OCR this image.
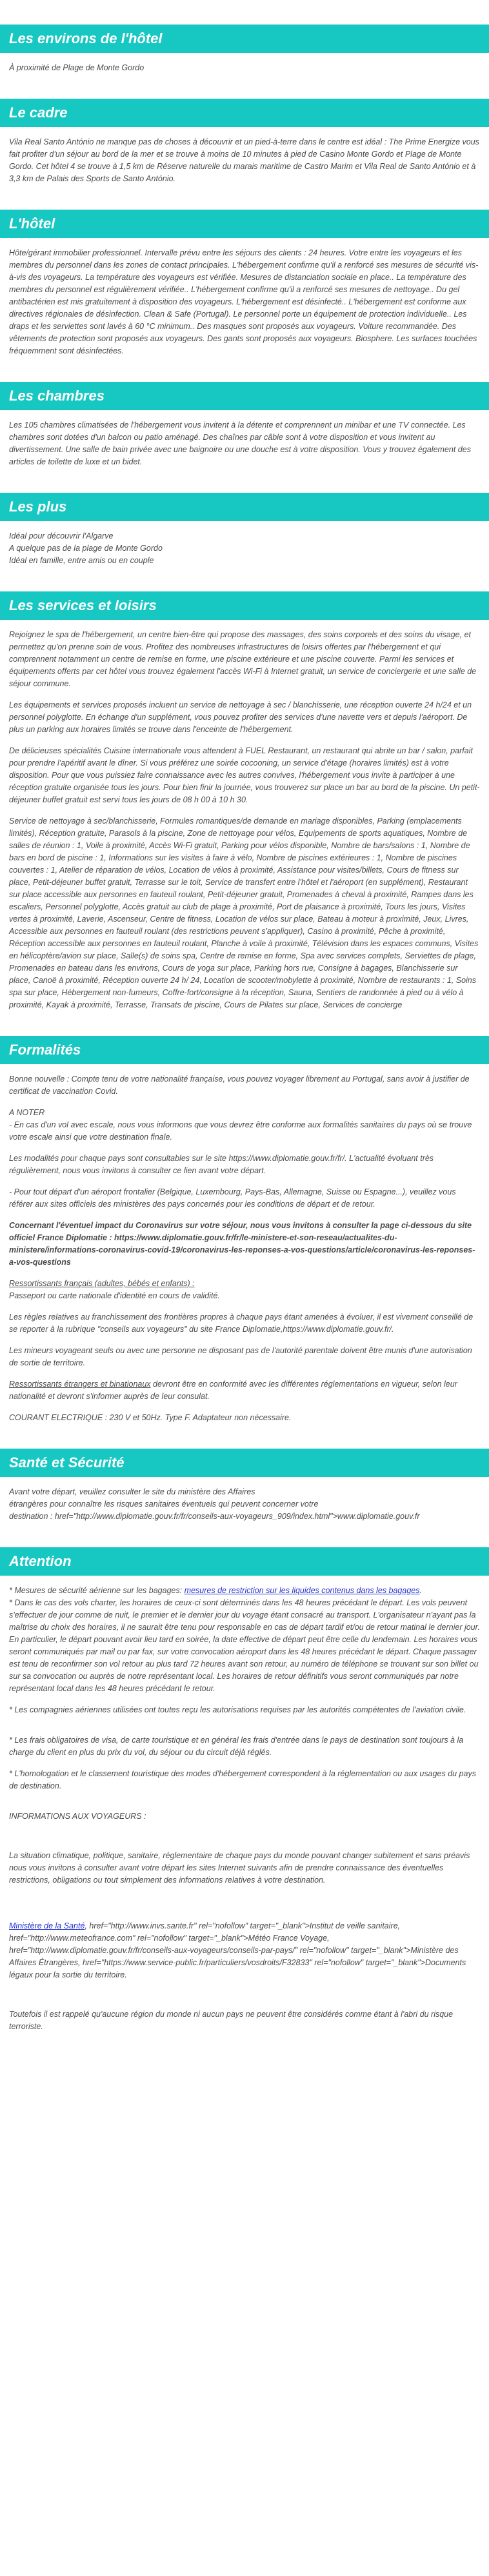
Les environs de l'hôtel

À proximité de Plage de Monte Gordo

Le cadre

Vila Real Santo António ne manque pas de choses à découvrir et un pied-à-terre dans le centre est idéal : The Prime Energize vous fait profiter d'un séjour au bord de la mer et se trouve à moins de 10 minutes à pied de Casino Monte Gordo et Plage de Monte Gordo. Cet hôtel 4 se trouve à 1,5 km de Réserve naturelle du marais maritime de Castro Marim et Vila Real de Santo António et à 3,3 km de Palais des Sports de Santo António.

L'hôtel

Hôte/gérant immobilier professionnel. Intervalle prévu entre les séjours des clients : 24 heures. Votre entre les voyageurs et les membres du personnel dans les zones de contact principales. L'hébergement confirme qu'il a renforcé ses mesures de sécurité vis-à-vis des voyageurs. La température des voyageurs est vérifiée. Mesures de distanciation sociale en place.. La température des membres du personnel est régulièrement vérifiée.. L'hébergement confirme qu'il a renforcé ses mesures de nettoyage.. Du gel antibactérien est mis gratuitement à disposition des voyageurs. L'hébergement est désinfecté.. L'hébergement est conforme aux directives régionales de désinfection. Clean & Safe (Portugal). Le personnel porte un équipement de protection individuelle.. Les draps et les serviettes sont lavés à 60 °C minimum.. Des masques sont proposés aux voyageurs. Voiture recommandée. Des vêtements de protection sont proposés aux voyageurs. Des gants sont proposés aux voyageurs. Biosphere. Les surfaces touchées fréquemment sont désinfectées.

Les chambres

Les 105 chambres climatisées de l'hébergement vous invitent à la détente et comprennent un minibar et une TV connectée. Les chambres sont dotées d'un balcon ou patio aménagé. Des chaînes par câble sont à votre disposition et vous invitent au divertissement. Une salle de bain privée avec une baignoire ou une douche est à votre disposition. Vous y trouvez également des articles de toilette de luxe et un bidet.

Les plus
Idéal pour découvrir l'Algarve
A quelque pas de la plage de Monte Gordo
Idéal en famille, entre amis ou en couple
Les services et loisirs

Rejoignez le spa de l'hébergement, un centre bien-être qui propose des massages, des soins corporels et des soins du visage, et permettez qu'on prenne soin de vous. Profitez des nombreuses infrastructures de loisirs offertes par l'hébergement et qui comprennent notamment un centre de remise en forme, une piscine extérieure et une piscine couverte. Parmi les services et équipements offerts par cet hôtel vous trouvez également l'accès Wi-Fi à Internet gratuit, un service de conciergerie et une salle de séjour commune.

Les équipements et services proposés incluent un service de nettoyage à sec / blanchisserie, une réception ouverte 24 h/24 et un personnel polyglotte. En échange d'un supplément, vous pouvez profiter des services d'une navette vers et depuis l'aéroport. De plus un parking aux horaires limités se trouve dans l'enceinte de l'hébergement.

De délicieuses spécialités Cuisine internationale vous attendent à FUEL Restaurant, un restaurant qui abrite un bar / salon, parfait pour prendre l'apéritif avant le dîner. Si vous préférez une soirée cocooning, un service d'étage (horaires limités) est à votre disposition. Pour que vous puissiez faire connaissance avec les autres convives, l'hébergement vous invite à participer à une réception gratuite organisée tous les jours. Pour bien finir la journée, vous trouverez sur place un bar au bord de la piscine. Un petit-déjeuner buffet gratuit est servi tous les jours de 08 h 00 à 10 h 30.

Service de nettoyage à sec/blanchisserie, Formules romantiques/de demande en mariage disponibles, Parking (emplacements limités), Réception gratuite, Parasols à la piscine, Zone de nettoyage pour vélos, Equipements de sports aquatiques, Nombre de salles de réunion : 1, Voile à proximité, Accès Wi-Fi gratuit, Parking pour vélos disponible, Nombre de bars/salons : 1, Nombre de bars en bord de piscine : 1, Informations sur les visites à faire à vélo, Nombre de piscines extérieures : 1, Nombre de piscines couvertes : 1, Atelier de réparation de vélos, Location de vélos à proximité, Assistance pour visites/billets, Cours de fitness sur place, Petit-déjeuner buffet gratuit, Terrasse sur le toit, Service de transfert entre l'hôtel et l'aéroport (en supplément), Restaurant sur place accessible aux personnes en fauteuil roulant, Petit-déjeuner gratuit, Promenades à cheval à proximité, Rampes dans les escaliers, Personnel polyglotte, Accès gratuit au club de plage à proximité, Port de plaisance à proximité, Tours les jours, Visites vertes à proximité, Laverie, Ascenseur, Centre de fitness, Location de vélos sur place, Bateau à moteur à proximité, Jeux, Livres, Accessible aux personnes en fauteuil roulant (des restrictions peuvent s'appliquer), Casino à proximité, Pêche à proximité, Réception accessible aux personnes en fauteuil roulant, Planche à voile à proximité, Télévision dans les espaces communs, Visites en hélicoptère/avion sur place, Salle(s) de soins spa, Centre de remise en forme, Spa avec services complets, Serviettes de plage, Promenades en bateau dans les environs, Cours de yoga sur place, Parking hors rue, Consigne à bagages, Blanchisserie sur place, Canoë à proximité, Réception ouverte 24 h/ 24, Location de scooter/mobylette à proximité, Nombre de restaurants : 1, Soins spa sur place, Hébergement non-fumeurs, Coffre-fort/consigne à la réception, Sauna, Sentiers de randonnée à pied ou à vélo à proximité, Kayak à proximité, Terrasse, Transats de piscine, Cours de Pilates sur place, Services de concierge

Formalités

Bonne nouvelle : Compte tenu de votre nationalité française, vous pouvez voyager librement au Portugal, sans avoir à justifier de certificat de vaccination Covid.

A NOTER

- En cas d'un vol avec escale, nous vous informons que vous devrez être conforme aux formalités sanitaires du pays où se trouve votre escale ainsi que votre destination finale.

Les modalités pour chaque pays sont consultables sur le site https://www.diplomatie.gouv.fr/fr/. L'actualité évoluant très régulièrement, nous vous invitons à consulter ce lien avant votre départ.

- Pour tout départ d'un aéroport frontalier (Belgique, Luxembourg, Pays-Bas, Allemagne, Suisse ou Espagne...), veuillez vous référer aux sites officiels des ministères des pays concernés pour les conditions de départ et de retour.

Concernant l'éventuel impact du Coronavirus sur votre séjour, nous vous invitons à consulter la page ci-dessous du site officiel France Diplomatie : https://www.diplomatie.gouv.fr/fr/le-ministere-et-son-reseau/actualites-du-ministere/informations-coronavirus-covid-19/coronavirus-les-reponses-a-vos-questions/article/coronavirus-les-reponses-a-vos-questions

Ressortissants français (adultes, bébés et enfants) :

Passeport ou carte nationale d'identité en cours de validité.

Les règles relatives au franchissement des frontières propres à chaque pays étant amenées à évoluer, il est vivement conseillé de se reporter à la rubrique "conseils aux voyageurs" du site France Diplomatie,https://www.diplomatie.gouv.fr/.

Les mineurs voyageant seuls ou avec une personne ne disposant pas de l'autorité parentale doivent être munis d'une autorisation de sortie de territoire.

Ressortissants étrangers et binationaux devront être en conformité avec les différentes réglementations en vigueur, selon leur nationalité et devront s'informer auprès de leur consulat.

COURANT ELECTRIQUE : 230 V et 50Hz. Type F. Adaptateur non nécessaire.

Santé et Sécurité
Avant votre départ, veuillez consulter le site du ministère des Affaires
étrangères pour connaître les risques sanitaires éventuels qui peuvent concerner votre
destination : href="http://www.diplomatie.gouv.fr/fr/conseils-aux-voyageurs_909/index.html">www.diplomatie.gouv.fr
Attention
* Mesures de sécurité aérienne sur les bagages: mesures de restriction sur les liquides contenus dans les bagages.

* Dans le cas des vols charter, les horaires de ceux-ci sont déterminés dans les 48 heures précédant le départ. Les vols peuvent s'effectuer de jour comme de nuit, le premier et le dernier jour du voyage étant consacré au transport. L'organisateur n'ayant pas la maîtrise du choix des horaires, il ne saurait être tenu pour responsable en cas de départ tardif et/ou de retour matinal le dernier jour. En particulier, le départ pouvant avoir lieu tard en soirée, la date effective de départ peut être celle du lendemain. Les horaires vous seront communiqués par mail ou par fax, sur votre convocation aéroport dans les 48 heures précédant le départ. Chaque passager est tenu de reconfirmer son vol retour au plus tard 72 heures avant son retour, au numéro de téléphone se trouvant sur son billet ou sur sa convocation ou auprès de notre représentant local. Les horaires de retour définitifs vous seront communiqués par notre représentant local dans les 48 heures précédant le retour.

* Les compagnies aériennes utilisées ont toutes reçu les autorisations requises par les autorités compétentes de l'aviation civile.

* Les frais obligatoires de visa, de carte touristique et en général les frais d'entrée dans le pays de destination sont toujours à la charge du client en plus du prix du vol, du séjour ou du circuit déjà réglés.

* L'homologation et le classement touristique des modes d'hébergement correspondent à la réglementation ou aux usages du pays de destination.

INFORMATIONS AUX VOYAGEURS :

La situation climatique, politique, sanitaire, réglementaire de chaque pays du monde pouvant changer subitement et sans préavis

nous vous invitons à consulter avant votre départ les sites Internet suivants afin de prendre connaissance des éventuelles restrictions, obligations ou tout simplement des informations relatives à votre destination.

Ministère de la Santé, href="http://www.invs.sante.fr" rel="nofollow" target="_blank">Institut de veille sanitaire, href="http://www.meteofrance.com" rel="nofollow" target="_blank">Météo France Voyage, href="http://www.diplomatie.gouv.fr/fr/conseils-aux-voyageurs/conseils-par-pays/" rel="nofollow" target="_blank">Ministère des Affaires Étrangères, href="https://www.service-public.fr/particuliers/vosdroits/F32833" rel="nofollow" target="_blank">Documents légaux pour la sortie du territoire.

Toutefois il est rappelé qu'aucune région du monde ni aucun pays ne peuvent être considérés comme étant à l'abri du risque terroriste.
